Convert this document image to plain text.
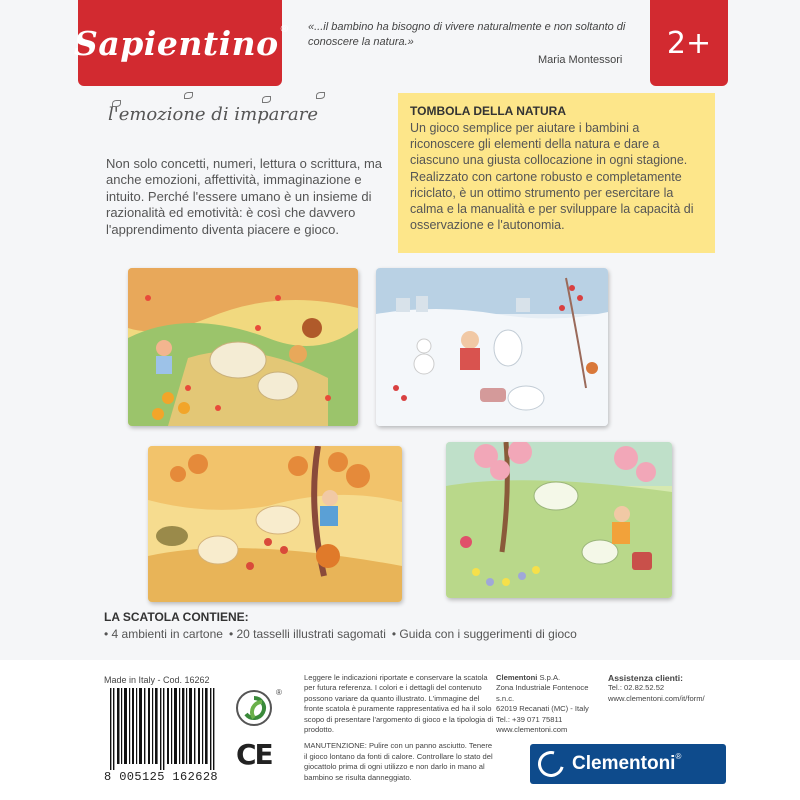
Sapientino ® «...il bambino ha bisogno di vivere naturalmente e non soltanto di conoscere la natura.»
Maria Montessori 2+
l'emozione di imparare
Non solo concetti, numeri, lettura o scrittura, ma anche emozioni, affettività, immaginazione e intuito. Perché l'essere umano è un insieme di razionalità ed emotività: è così che davvero l'apprendimento diventa piacere e gioco.
TOMBOLA DELLA NATURA
Un gioco semplice per aiutare i bambini a riconoscere gli elementi della natura e dare a ciascuno una giusta collocazione in ogni stagione. Realizzato con cartone robusto e completamente riciclato, è un ottimo strumento per esercitare la calma e la manualità e per sviluppare la capacità di osservazione e l'autonomia.
LA SCATOLA CONTIENE:
• 4 ambienti in cartone • 20 tasselli illustrati sagomati • Guida con i suggerimenti di gioco
Made in Italy - Cod. 16262
8 005125 162628
®
CE

Leggere le indicazioni riportate e conservare la scatola per futura referenza. I colori e i dettagli del contenuto possono variare da quanto illustrato. L'immagine del fronte scatola è puramente rappresentativa ed ha il solo scopo di presentare l'argomento di gioco e la tipologia di prodotto.

MANUTENZIONE: Pulire con un panno asciutto. Tenere il gioco lontano da fonti di calore. Controllare lo stato del giocattolo prima di ogni utilizzo e non darlo in mano al bambino se risulta danneggiato.

Clementoni S.p.A.
Zona Industriale Fontenoce s.n.c.
62019 Recanati (MC) - Italy
Tel.: +39 071 75811
www.clementoni.com
Assistenza clienti:
Tel.: 02.82.52.52
www.clementoni.com/it/form/
Clementoni ®
